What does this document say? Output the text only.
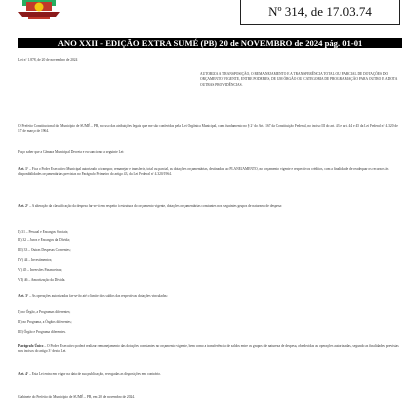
Nº 314, de 17.03.74
ANO XXII - EDIÇÃO EXTRA SUMÉ (PB) 20 de NOVEMBRO de 2024 pág. 01-01
Lei nº 1.878, de 20 de novembro de 2024
AUTORIZA A TRANSPOSIÇÃO, O REMANEJAMENTO E A TRANSFERÊNCIA TOTAL OU PARCIAL DE DOTAÇÕES DO ORÇAMENTO VIGENTE, ENTRE PODERES, DE UM ÓRGÃO OU CATEGORIA DE PROGRAMAÇÃO PARA OUTRO E ADOTA OUTRAS PROVIDÊNCIAS.
O Prefeito Constitucional do Município de SUMÉ – PB, no uso das atribuições legais que me são conferidas pela Lei Orgânica Municipal, com fundamento no § 2º do Art. 167 da Constituição Federal, no inciso III do art. 43 e art. 44 e 45 da Lei Federal nº 4.320 de 17 de março de 1964.
Faço saber que a Câmara Municipal Decreta e eu sanciono a seguinte Lei:
Art. 1º – Fica o Poder Executivo Municipal autorizado a transpor, remanejar e transferir, total ou parcial, as dotações orçamentárias, destinadas ao PLANEJAMENTO, no orçamento vigente e respectivos créditos, com a finalidade de readequar os recursos às disponibilidades orçamentárias previstas no Parágrafo Primeiro do artigo 43, da Lei Federal nº 4.320/1964.
Art. 2º – A alteração da classificação da despesa far-se-á em respeito à estrutura do orçamento vigente, dotações orçamentárias constantes nos seguintes grupos de natureza de despesa:
I) 31 – Pessoal e Encargos Sociais;
II) 32 – Juros e Encargos da Dívida;
III) 33 – Outras Despesas Correntes;
IV) 44 – Investimentos;
V) 45 – Inversões Financeiras;
VI) 46 – Amortização da Dívida.
Art. 3º – As operações autorizadas far-se-ão até o limite dos saldos das respectivas dotações vinculadas:
I) no Órgão, a Programas diferentes;
II) no Programa, a Órgãos diferentes;
III) Órgão e Programa diferentes.
Parágrafo Único – O Poder Executivo poderá realizar remanejamento das dotações constantes no orçamento vigente, bem como a transferência de saldos entre os grupos de natureza de despesa, obedecidas as operações autorizadas, segundo as finalidades previstas nos incisos do artigo 3º desta Lei.
Art. 4º – Esta Lei entra em vigor na data de sua publicação, revogadas as disposições em contrário.
Gabinete do Prefeito do Município de SUMÉ – PB, em 20 de novembro de 2024.
